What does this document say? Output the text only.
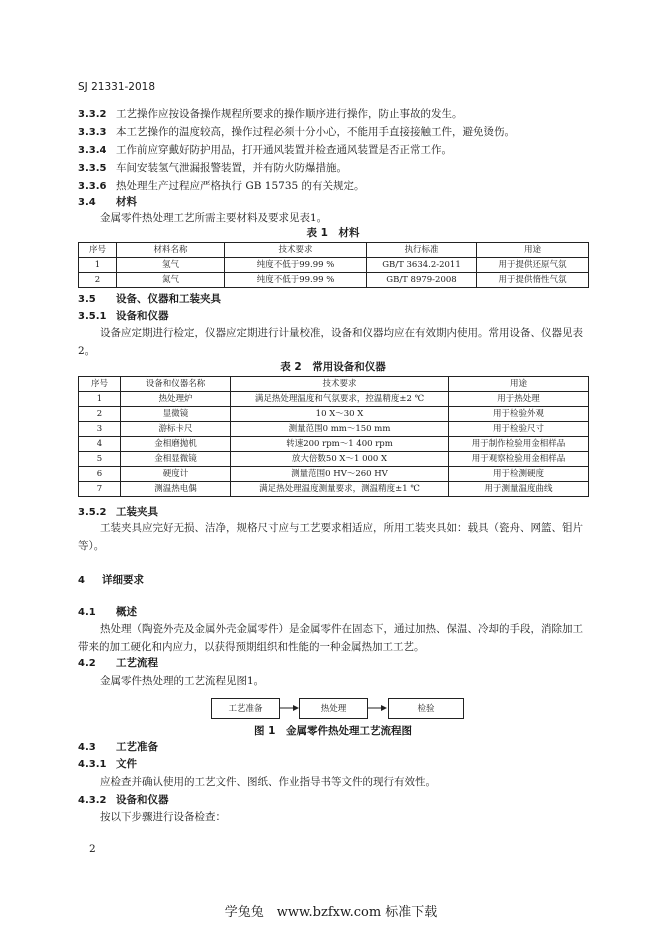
SJ 21331-2018
3.3.2 工艺操作应按设备操作规程所要求的操作顺序进行操作，防止事故的发生。
3.3.3 本工艺操作的温度较高，操作过程必须十分小心，不能用手直接接触工件，避免烫伤。
3.3.4 工作前应穿戴好防护用品，打开通风装置并检查通风装置是否正常工作。
3.3.5 车间安装氢气泄漏报警装置，并有防火防爆措施。
3.3.6 热处理生产过程应严格执行 GB 15735 的有关规定。
3.4 材料
金属零件热处理工艺所需主要材料及要求见表1。
表 1　材料
序号	材料名称	技术要求	执行标准	用途
1	氢气	纯度不低于99.99 %	GB/T 3634.2-2011	用于提供还原气氛
2	氮气	纯度不低于99.99 %	GB/T 8979-2008	用于提供惰性气氛
3.5 设备、仪器和工装夹具
3.5.1 设备和仪器
设备应定期进行检定，仪器应定期进行计量校准，设备和仪器均应在有效期内使用。常用设备、仪器见表2。
表 2　常用设备和仪器
序号	设备和仪器名称	技术要求	用途
1	热处理炉	满足热处理温度和气氛要求，控温精度±2 ℃	用于热处理
2	显微镜	10 X～30 X	用于检验外观
3	游标卡尺	测量范围0 mm～150 mm	用于检验尺寸
4	金相磨抛机	转速200 rpm～1 400 rpm	用于制作检验用金相样品
5	金相显微镜	放大倍数50 X～1 000 X	用于观察检验用金相样品
6	硬度计	测量范围0 HV～260 HV	用于检测硬度
7	测温热电偶	满足热处理温度测量要求，测温精度±1 ℃	用于测量温度曲线
3.5.2 工装夹具
工装夹具应完好无损、洁净，规格尺寸应与工艺要求相适应，所用工装夹具如：载具（瓷舟、网篮、钼片等）。
4 详细要求
4.1 概述
热处理（陶瓷外壳及金属外壳金属零件）是金属零件在固态下，通过加热、保温、冷却的手段，消除加工带来的加工硬化和内应力，以获得预期组织和性能的一种金属热加工工艺。
4.2 工艺流程
金属零件热处理的工艺流程见图1。
工艺准备	热处理	检验
图 1　金属零件热处理工艺流程图
4.3 工艺准备
4.3.1 文件
应检查并确认使用的工艺文件、图纸、作业指导书等文件的现行有效性。
4.3.2 设备和仪器
按以下步骤进行设备检查：
2
学兔兔　www.bzfxw.com 标准下载
